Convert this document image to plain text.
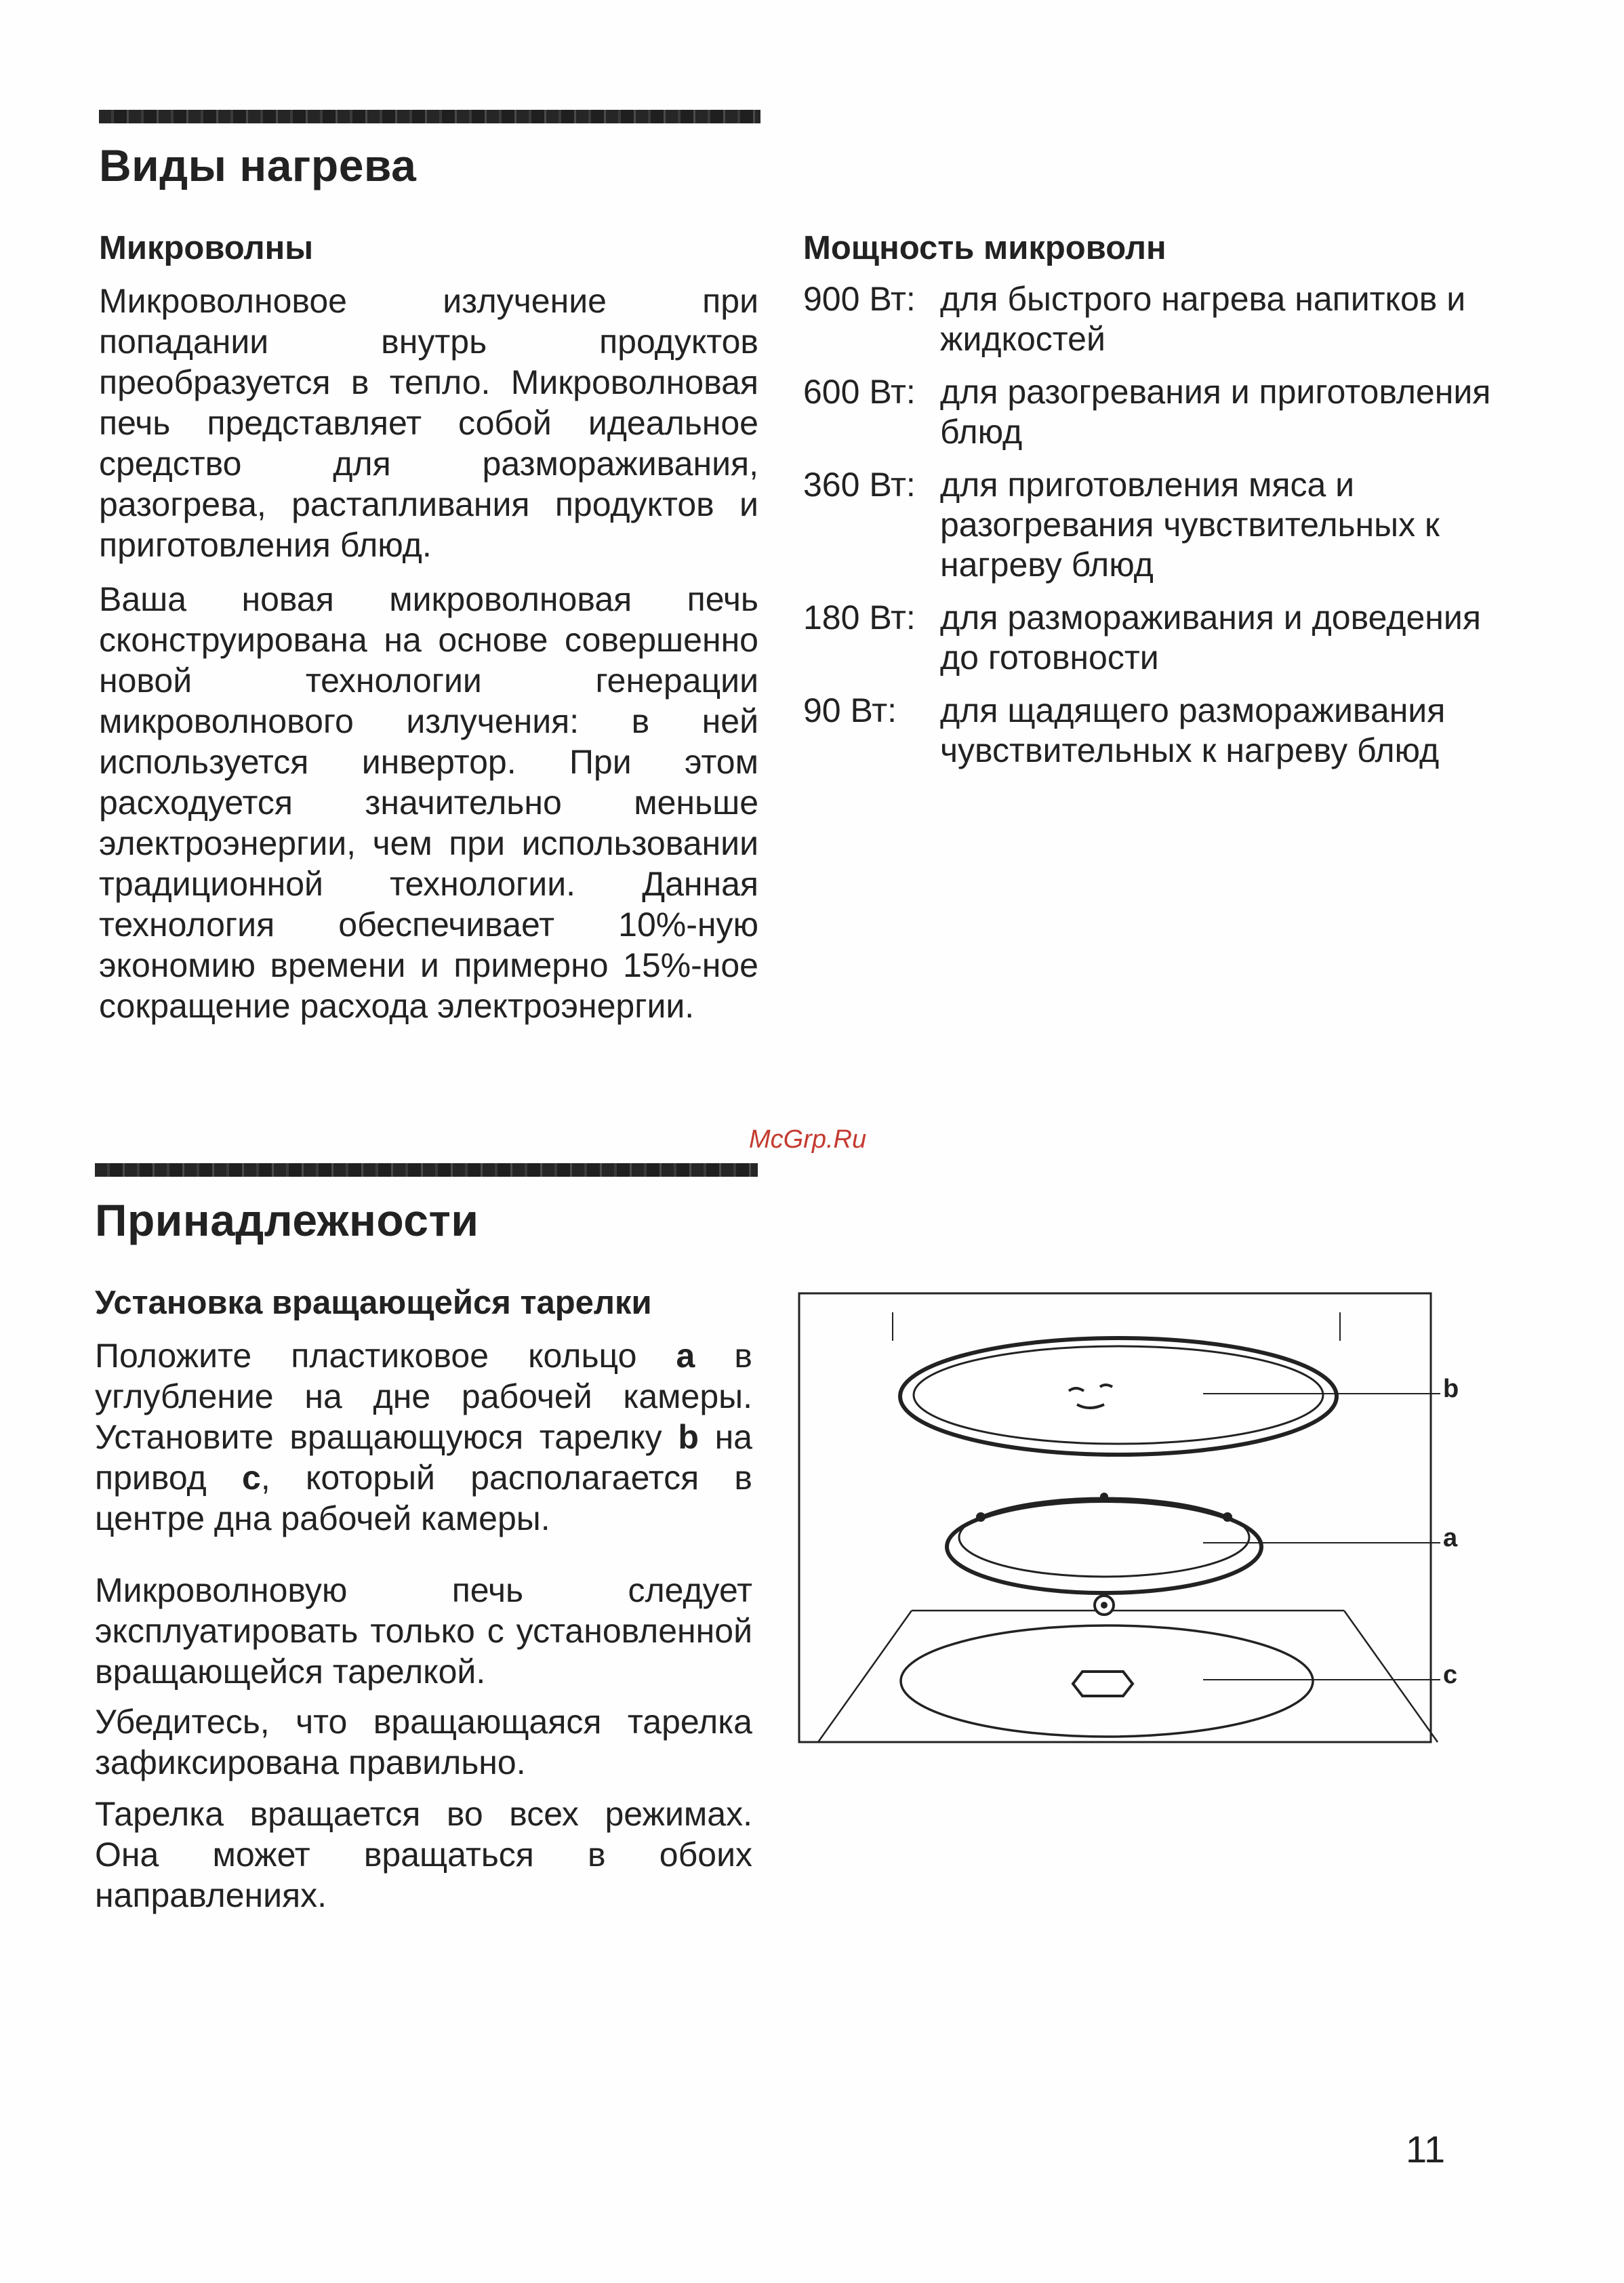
Виды нагрева
Микроволны

Микроволновое излучение при попадании внутрь продуктов преобразуется в тепло. Микроволновая печь представляет собой идеальное средство для размораживания, разогрева, растапливания продуктов и приготовления блюд.

Ваша новая микроволновая печь сконструирована на основе совершенно новой технологии генерации микроволнового излучения: в ней используется инвертор. При этом расходуется значительно меньше электроэнергии, чем при использовании традиционной технологии. Данная технология обеспечивает 10%-ную экономию времени и примерно 15%-ное сокращение расхода электроэнергии.

Мощность микроволн
900 Вт: для быстрого нагрева напитков и жидкостей
600 Вт: для разогревания и приготовления блюд
360 Вт: для приготовления мяса и разогревания чувствительных к нагреву блюд
180 Вт: для размораживания и доведения до готовности
90 Вт:	для щадящего размораживания чувствительных к нагреву блюд
McGrp.Ru
Принадлежности
Установка вращающейся тарелки

Положите пластиковое кольцо a в углубление на дне рабочей камеры. Установите вращающуюся тарелку b на привод c, который располагается в центре дна рабочей камеры.

Микроволновую печь следует эксплуатировать только с установленной вращающейся тарелкой.

Убедитесь, что вращающаяся тарелка зафиксирована правильно.

Тарелка вращается во всех режимах. Она может вращаться в обоих направлениях.

b
a
c
11
